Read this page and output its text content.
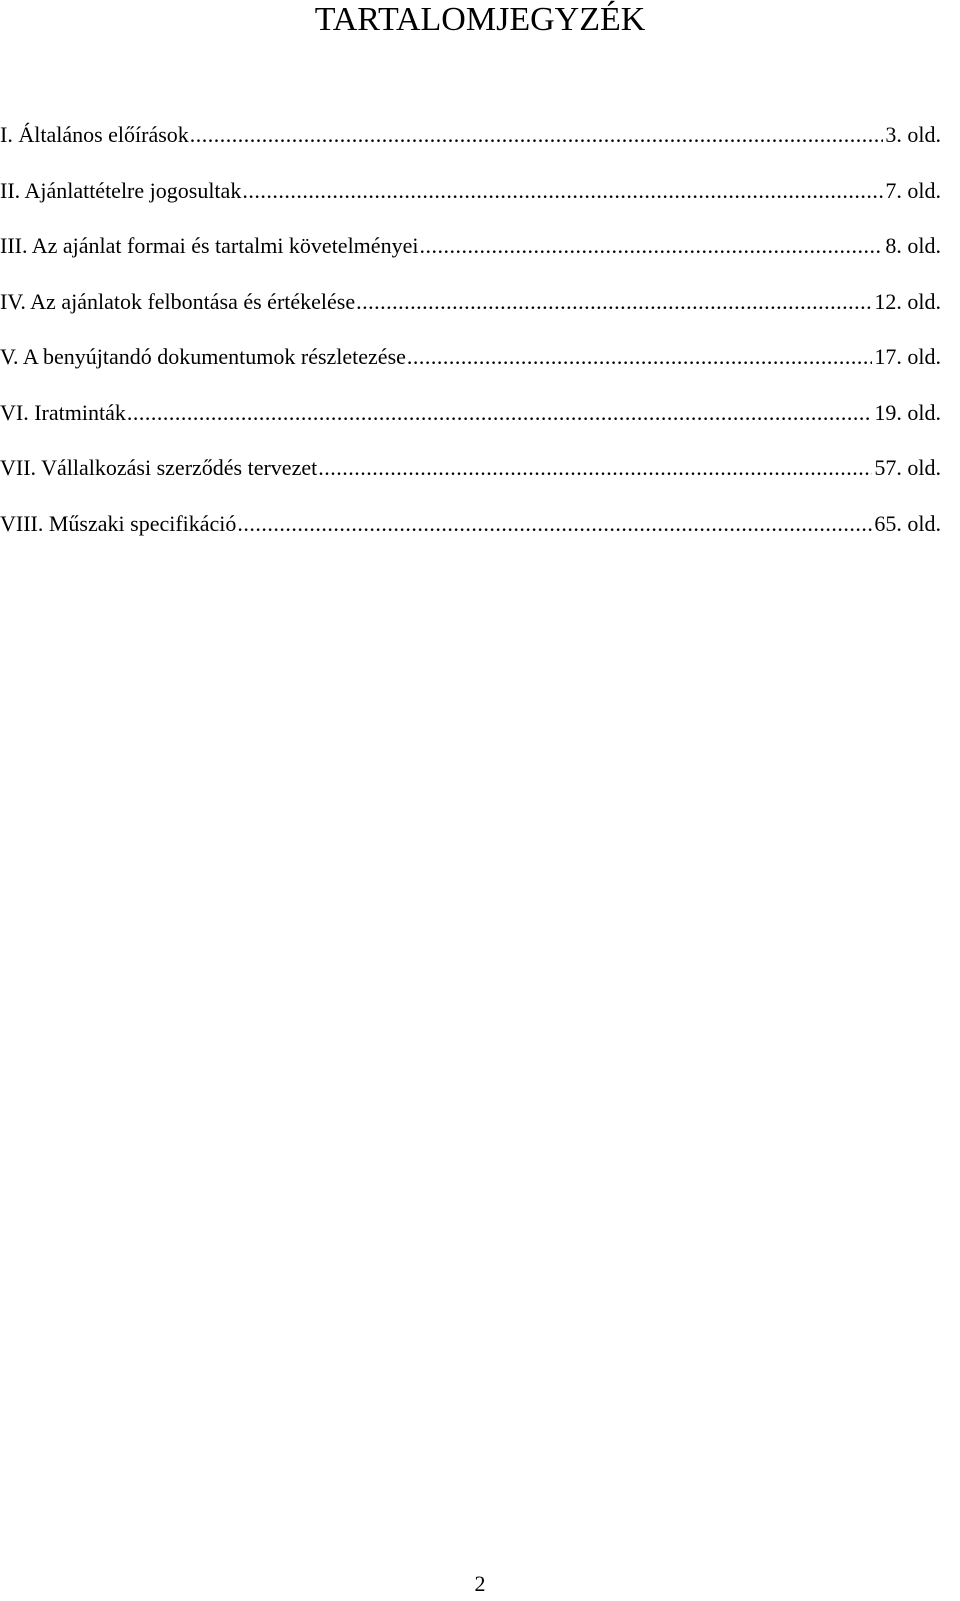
TARTALOMJEGYZÉK
I. Általános előírások .....	3. old.
II. Ajánlattételre jogosultak .....	7. old.
III. Az ajánlat formai és tartalmi követelményei .....	8. old.
IV. Az ajánlatok felbontása és értékelése .....	12. old.
V. A benyújtandó dokumentumok részletezése .....	17. old.
VI. Iratminták .....	19. old.
VII. Vállalkozási szerződés tervezet .....	57. old.
VIII. Műszaki specifikáció .....	65. old.
2
